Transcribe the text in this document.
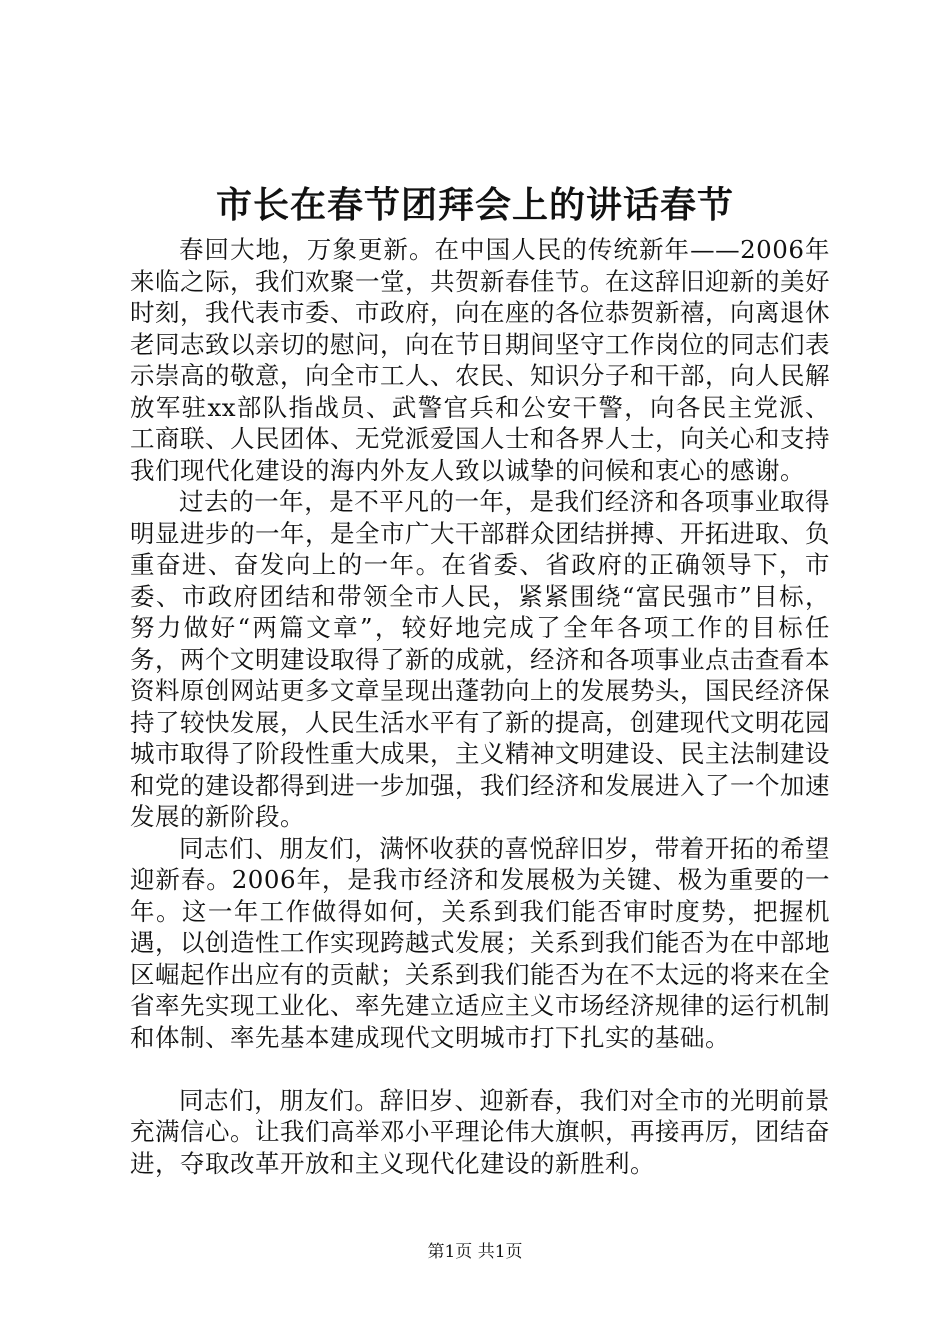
市长在春节团拜会上的讲话春节

春回大地，万象更新。在中国人民的传统新年——2006年来临之际，我们欢聚一堂，共贺新春佳节。在这辞旧迎新的美好时刻，我代表市委、市政府，向在座的各位恭贺新禧，向离退休老同志致以亲切的慰问，向在节日期间坚守工作岗位的同志们表示崇高的敬意，向全市工人、农民、知识分子和干部，向人民解放军驻xx部队指战员、武警官兵和公安干警，向各民主党派、工商联、人民团体、无党派爱国人士和各界人士，向关心和支持我们现代化建设的海内外友人致以诚挚的问候和衷心的感谢。

过去的一年，是不平凡的一年，是我们经济和各项事业取得明显进步的一年，是全市广大干部群众团结拼搏、开拓进取、负重奋进、奋发向上的一年。在省委、省政府的正确领导下，市委、市政府团结和带领全市人民，紧紧围绕“富民强市”目标，努力做好“两篇文章”，较好地完成了全年各项工作的目标任务，两个文明建设取得了新的成就，经济和各项事业点击查看本资料原创网站更多文章呈现出蓬勃向上的发展势头，国民经济保持了较快发展，人民生活水平有了新的提高，创建现代文明花园城市取得了阶段性重大成果，主义精神文明建设、民主法制建设和党的建设都得到进一步加强，我们经济和发展进入了一个加速发展的新阶段。

同志们、朋友们，满怀收获的喜悦辞旧岁，带着开拓的希望迎新春。2006年，是我市经济和发展极为关键、极为重要的一年。这一年工作做得如何，关系到我们能否审时度势，把握机遇，以创造性工作实现跨越式发展；关系到我们能否为在中部地区崛起作出应有的贡献；关系到我们能否为在不太远的将来在全省率先实现工业化、率先建立适应主义市场经济规律的运行机制和体制、率先基本建成现代文明城市打下扎实的基础。

同志们，朋友们。辞旧岁、迎新春，我们对全市的光明前景充满信心。让我们高举邓小平理论伟大旗帜，再接再厉，团结奋进，夺取改革开放和主义现代化建设的新胜利。

第1页 共1页
